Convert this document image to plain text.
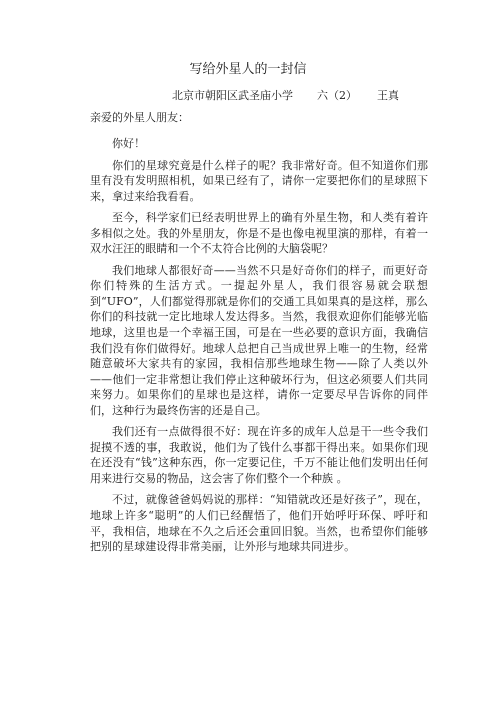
写给外星人的一封信
北京市朝阳区武圣庙小学 六（2） 王真
亲爱的外星人朋友：

你好！

你们的星球究竟是什么样子的呢？我非常好奇。但不知道你们那里有没有发明照相机，如果已经有了，请你一定要把你们的星球照下来，拿过来给我看看。

至今，科学家们已经表明世界上的确有外星生物，和人类有着许多相似之处。我的外星朋友，你是不是也像电视里演的那样，有着一双水汪汪的眼睛和一个不太符合比例的大脑袋呢？

我们地球人都很好奇——当然不只是好奇你们的样子，而更好奇你们特殊的生活方式。一提起外星人，我们很容易就会联想到“UFO”，人们都觉得那就是你们的交通工具如果真的是这样，那么你们的科技就一定比地球人发达得多。当然，我很欢迎你们能够光临地球，这里也是一个幸福王国，可是在一些必要的意识方面，我确信我们没有你们做得好。地球人总把自己当成世界上唯一的生物，经常随意破坏大家共有的家园，我相信那些地球生物——除了人类以外——他们一定非常想让我们停止这种破坏行为，但这必须要人们共同来努力。如果你们的星球也是这样，请你一定要尽早告诉你的同伴们，这种行为最终伤害的还是自己。

我们还有一点做得很不好：现在许多的成年人总是干一些令我们捉摸不透的事，我敢说，他们为了钱什么事都干得出来。如果你们现在还没有“钱”这种东西，你一定要记住，千万不能让他们发明出任何用来进行交易的物品，这会害了你们整个一个种族 。

不过，就像爸爸妈妈说的那样：“知错就改还是好孩子”，现在，地球上许多“聪明”的人们已经醒悟了，他们开始呼吁环保、呼吁和平，我相信，地球在不久之后还会重回旧貌。当然，也希望你们能够把别的星球建设得非常美丽，让外形与地球共同进步。
